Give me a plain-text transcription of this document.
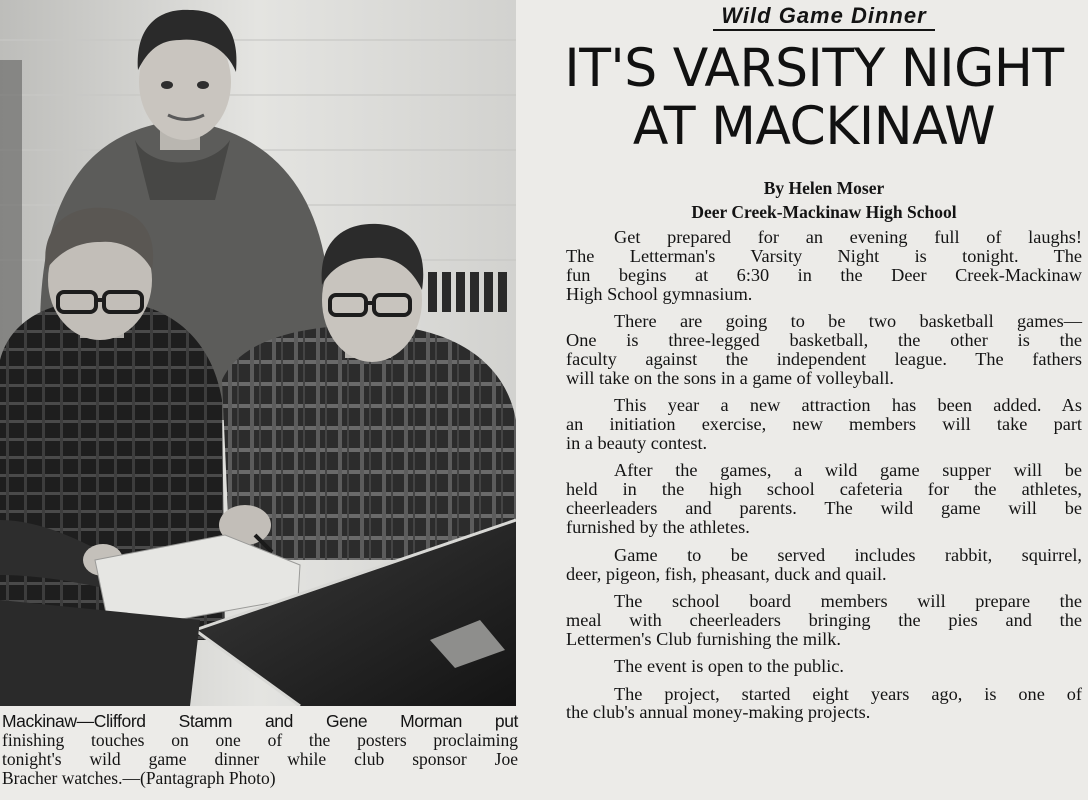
Mackinaw—Clifford Stamm and Gene Morman put
finishing touches on one of the posters proclaiming
tonight's wild game dinner while club sponsor Joe
Bracher watches.—(Pantagraph Photo)

Wild Game Dinner

IT'S VARSITY NIGHT
AT MACKINAW

By Helen Moser
Deer Creek-Mackinaw High School

Get prepared for an evening full of laughs!
The Letterman's Varsity Night is tonight. The
fun begins at 6:30 in the Deer Creek-Mackinaw
High School gymnasium.

There are going to be two basketball games—
One is three-legged basketball, the other is the
faculty against the independent league. The fathers
will take on the sons in a game of volleyball.

This year a new attraction has been added. As
an initiation exercise, new members will take part
in a beauty contest.

After the games, a wild game supper will be
held in the high school cafeteria for the athletes,
cheerleaders and parents. The wild game will be
furnished by the athletes.

Game to be served includes rabbit, squirrel,
deer, pigeon, fish, pheasant, duck and quail.

The school board members will prepare the
meal with cheerleaders bringing the pies and the
Lettermen's Club furnishing the milk.

The event is open to the public.

The project, started eight years ago, is one of
the club's annual money-making projects.
